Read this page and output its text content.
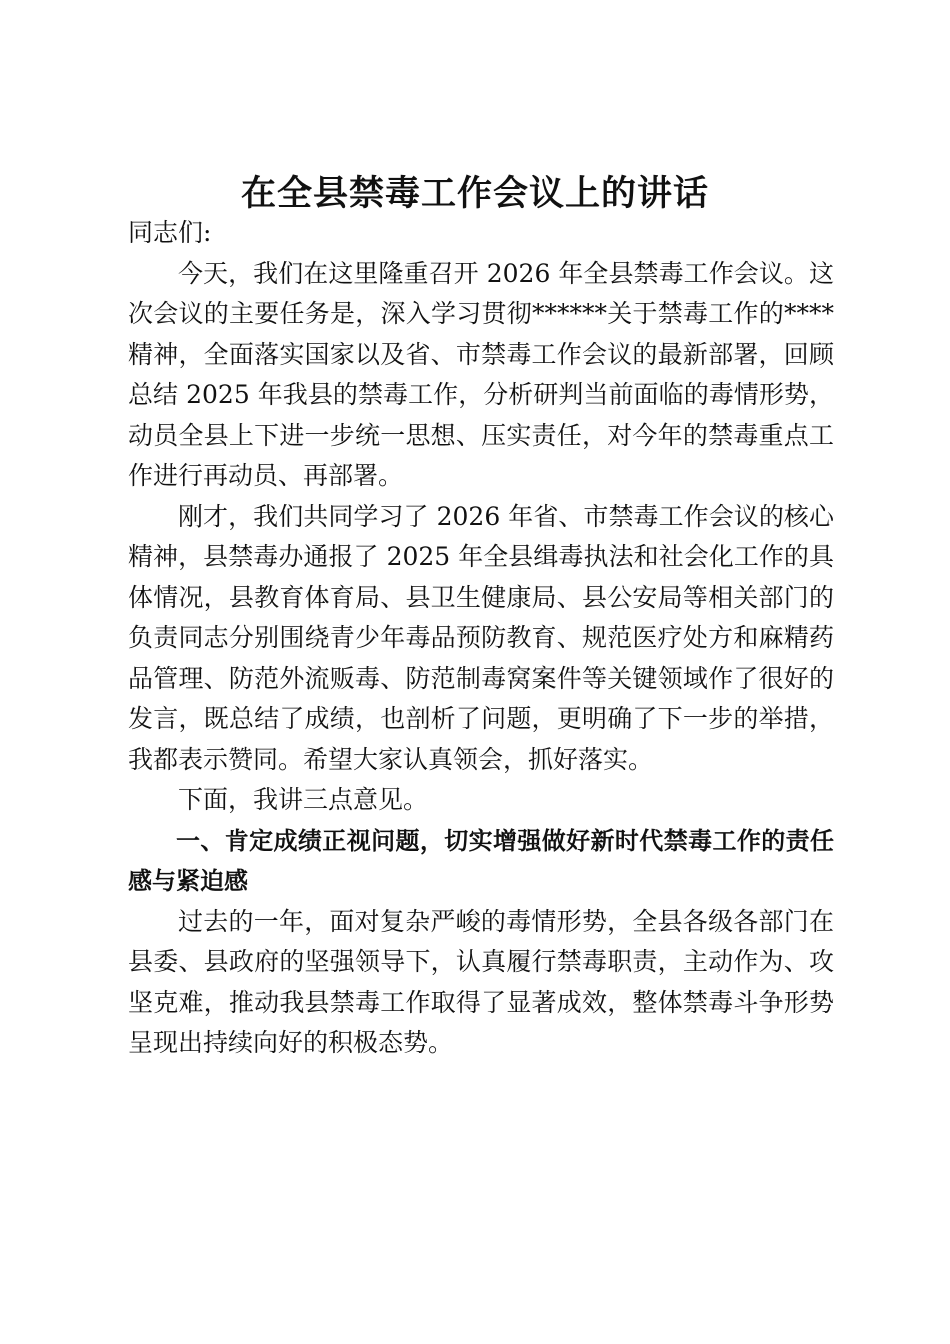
在全县禁毒工作会议上的讲话

同志们:

今天，我们在这里隆重召开 2026 年全县禁毒工作会议。这次会议的主要任务是，深入学习贯彻******关于禁毒工作的****精神，全面落实国家以及省、市禁毒工作会议的最新部署，回顾总结 2025 年我县的禁毒工作，分析研判当前面临的毒情形势，动员全县上下进一步统一思想、压实责任，对今年的禁毒重点工作进行再动员、再部署。

刚才，我们共同学习了 2026 年省、市禁毒工作会议的核心精神，县禁毒办通报了 2025 年全县缉毒执法和社会化工作的具体情况，县教育体育局、县卫生健康局、县公安局等相关部门的负责同志分别围绕青少年毒品预防教育、规范医疗处方和麻精药品管理、防范外流贩毒、防范制毒窝案件等关键领域作了很好的发言，既总结了成绩，也剖析了问题，更明确了下一步的举措，我都表示赞同。希望大家认真领会，抓好落实。

下面，我讲三点意见。

一、肯定成绩正视问题，切实增强做好新时代禁毒工作的责任感与紧迫感

过去的一年，面对复杂严峻的毒情形势，全县各级各部门在县委、县政府的坚强领导下，认真履行禁毒职责，主动作为、攻坚克难，推动我县禁毒工作取得了显著成效，整体禁毒斗争形势呈现出持续向好的积极态势。
